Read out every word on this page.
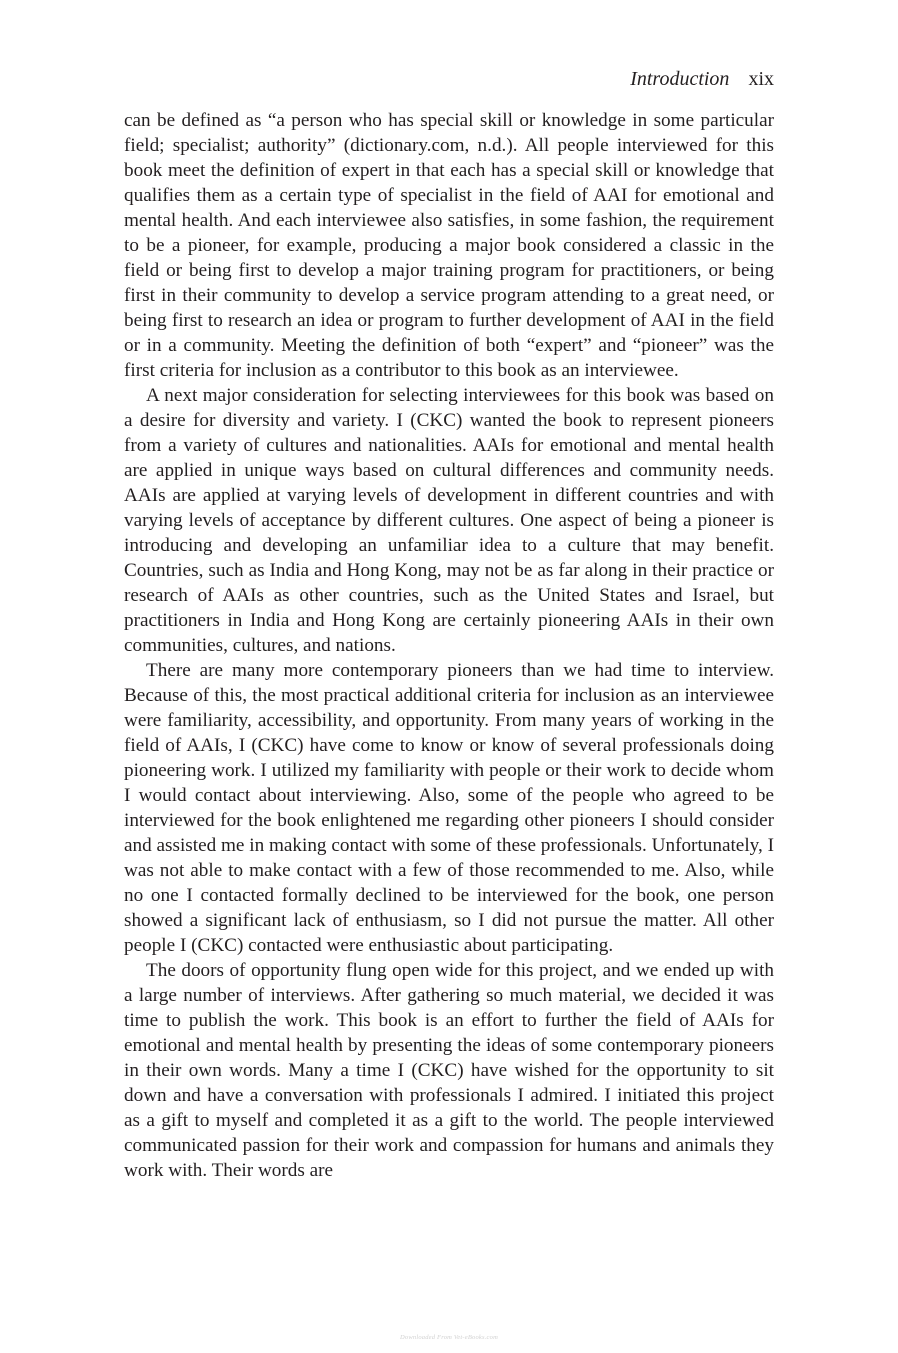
Introduction xix

can be defined as “a person who has special skill or knowledge in some particular field; specialist; authority” (dictionary.com, n.d.). All people interviewed for this book meet the definition of expert in that each has a special skill or knowledge that qualifies them as a certain type of specialist in the field of AAI for emotional and mental health. And each interviewee also satisfies, in some fashion, the requirement to be a pioneer, for example, producing a major book considered a classic in the field or being first to develop a major training program for practitioners, or being first in their community to develop a service program attending to a great need, or being first to research an idea or program to further development of AAI in the field or in a community. Meeting the definition of both “expert” and “pioneer” was the first criteria for inclusion as a contributor to this book as an interviewee.

A next major consideration for selecting interviewees for this book was based on a desire for diversity and variety. I (CKC) wanted the book to represent pioneers from a variety of cultures and nationalities. AAIs for emotional and mental health are applied in unique ways based on cultural differences and community needs. AAIs are applied at varying levels of development in different countries and with varying levels of acceptance by different cultures. One aspect of being a pioneer is introducing and developing an unfamiliar idea to a culture that may benefit. Countries, such as India and Hong Kong, may not be as far along in their practice or research of AAIs as other countries, such as the United States and Israel, but practitioners in India and Hong Kong are certainly pioneering AAIs in their own communities, cultures, and nations.

There are many more contemporary pioneers than we had time to interview. Because of this, the most practical additional criteria for inclusion as an interviewee were familiarity, accessibility, and opportunity. From many years of working in the field of AAIs, I (CKC) have come to know or know of several professionals doing pioneering work. I utilized my familiarity with people or their work to decide whom I would contact about interviewing. Also, some of the people who agreed to be interviewed for the book enlightened me regarding other pioneers I should consider and assisted me in making contact with some of these professionals. Unfortunately, I was not able to make contact with a few of those recommended to me. Also, while no one I contacted formally declined to be interviewed for the book, one person showed a significant lack of enthusiasm, so I did not pursue the matter. All other people I (CKC) contacted were enthusiastic about participating.

The doors of opportunity flung open wide for this project, and we ended up with a large number of interviews. After gathering so much material, we decided it was time to publish the work. This book is an effort to further the field of AAIs for emotional and mental health by presenting the ideas of some contemporary pioneers in their own words. Many a time I (CKC) have wished for the opportunity to sit down and have a conversation with professionals I admired. I initiated this project as a gift to myself and completed it as a gift to the world. The people interviewed communicated passion for their work and compassion for humans and animals they work with. Their words are

Downloaded From Vet-eBooks.com
